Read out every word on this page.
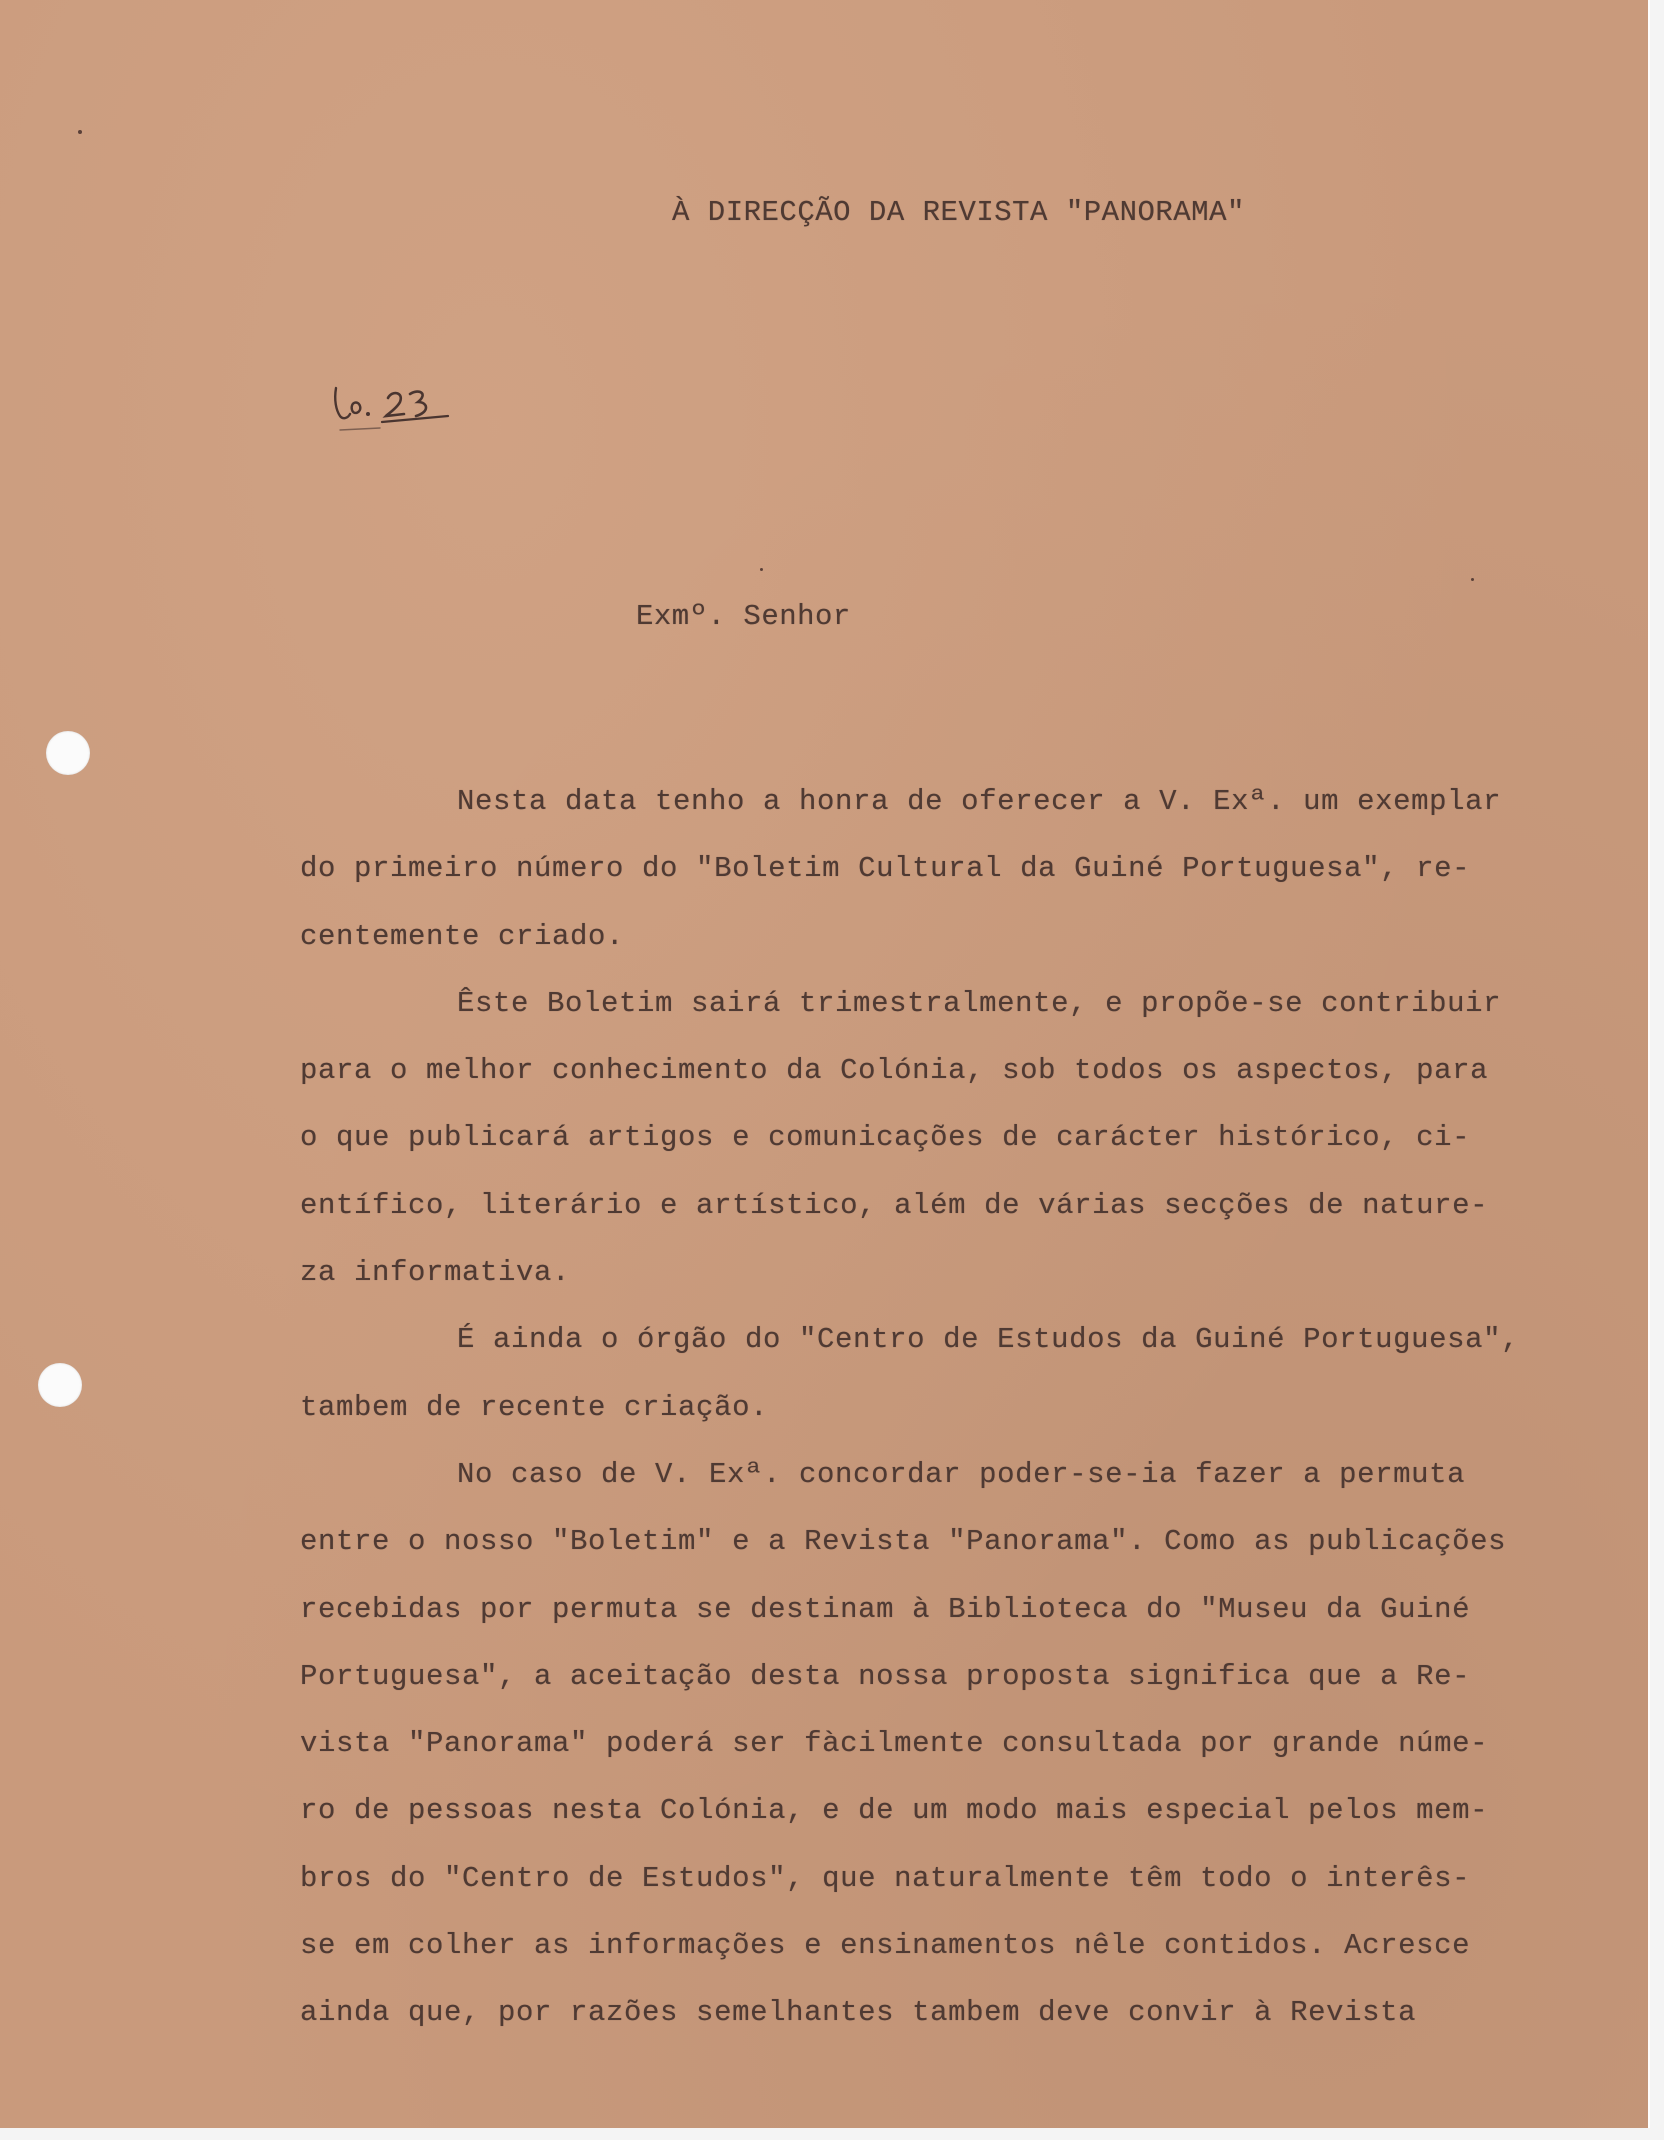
À DIRECÇÃO DA REVISTA "PANORAMA"
Exmº. Senhor
Nesta data tenho a honra de oferecer a V. Exª. um exemplar
do primeiro número do "Boletim Cultural da Guiné Portuguesa", re-
centemente criado.
Êste Boletim sairá trimestralmente, e propõe-se contribuir
para o melhor conhecimento da Colónia, sob todos os aspectos, para
o que publicará artigos e comunicações de carácter histórico, ci-
entífico, literário e artístico, além de várias secções de nature-
za informativa.
É ainda o órgão do "Centro de Estudos da Guiné Portuguesa",
tambem de recente criação.
No caso de V. Exª. concordar poder-se-ia fazer a permuta
entre o nosso "Boletim" e a Revista "Panorama". Como as publicações
recebidas por permuta se destinam à Biblioteca do "Museu da Guiné
Portuguesa", a aceitação desta nossa proposta significa que a Re-
vista "Panorama" poderá ser fàcilmente consultada por grande núme-
ro de pessoas nesta Colónia, e de um modo mais especial pelos mem-
bros do "Centro de Estudos", que naturalmente têm todo o interês-
se em colher as informações e ensinamentos nêle contidos. Acresce
ainda que, por razões semelhantes tambem deve convir à Revista
